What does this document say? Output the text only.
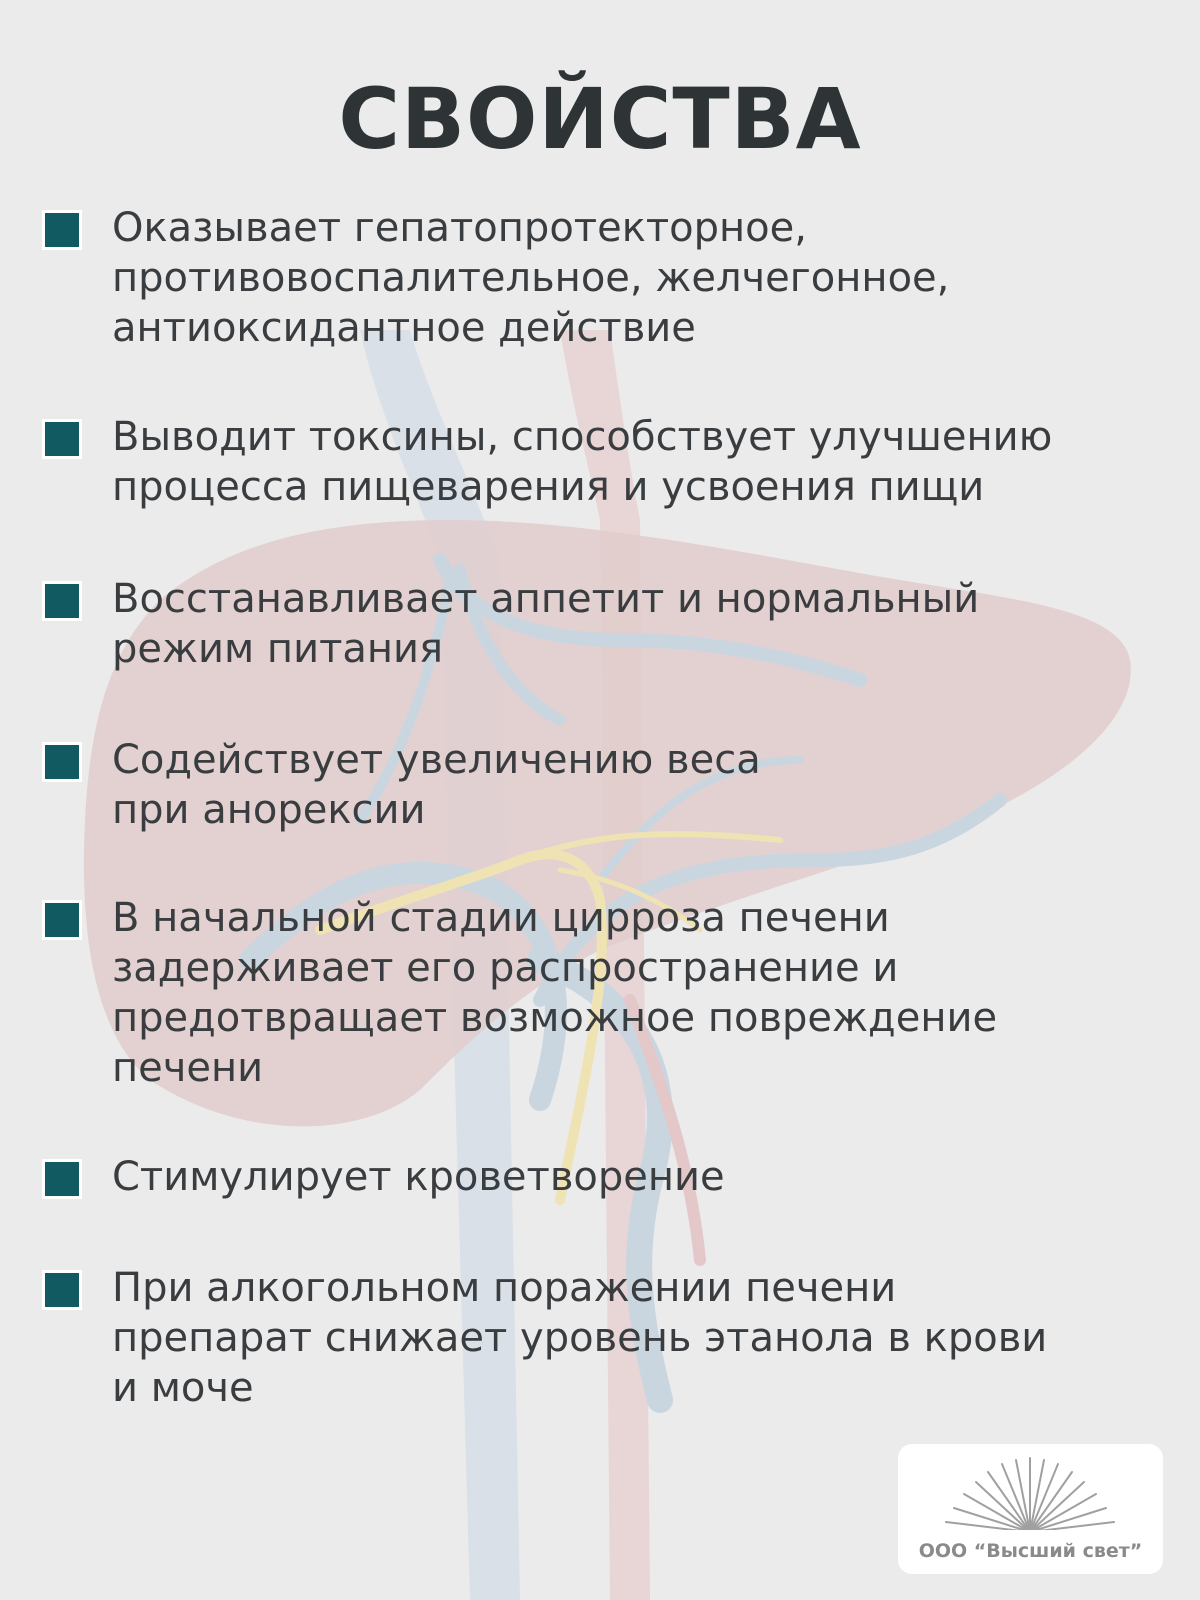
СВОЙСТВА
Оказывает гепатопротекторное,
противовоспалительное, желчегонное,
антиоксидантное действие
Выводит токсины, способствует улучшению
процесса пищеварения и усвоения пищи
Восстанавливает аппетит и нормальный
режим питания
Содействует увеличению веса
при анорексии
В начальной стадии цирроза печени
задерживает его распространение и
предотвращает возможное повреждение
печени
Стимулирует кроветворение
При алкогольном поражении печени
препарат снижает уровень этанола в крови
и моче
ООО “Высший свет”
